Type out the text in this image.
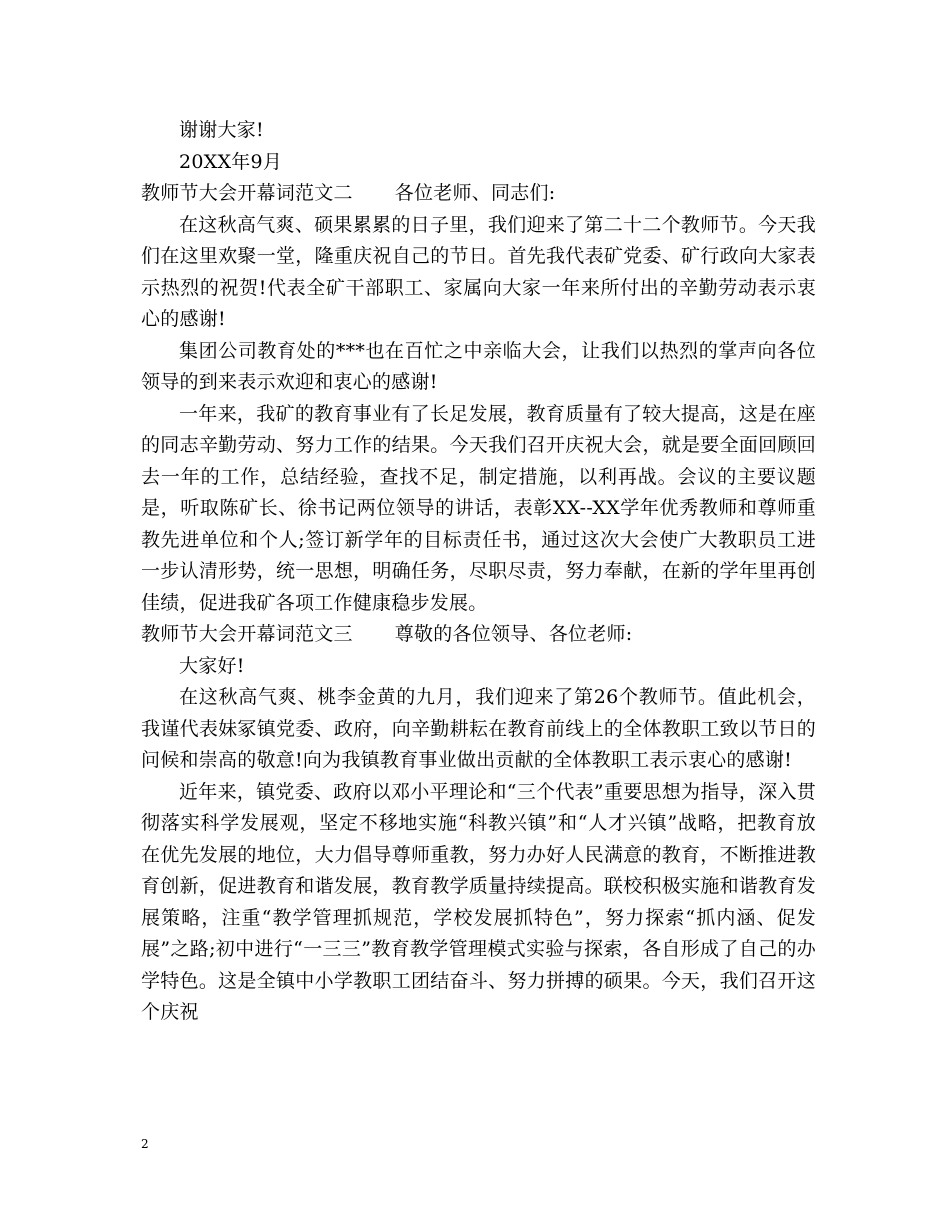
谢谢大家!

20XX年9月

教师节大会开幕词范文二 各位老师、同志们:

在这秋高气爽、硕果累累的日子里，我们迎来了第二十二个教师节。今天我们在这里欢聚一堂，隆重庆祝自己的节日。首先我代表矿党委、矿行政向大家表示热烈的祝贺!代表全矿干部职工、家属向大家一年来所付出的辛勤劳动表示衷心的感谢!

集团公司教育处的***也在百忙之中亲临大会，让我们以热烈的掌声向各位领导的到来表示欢迎和衷心的感谢!

一年来，我矿的教育事业有了长足发展，教育质量有了较大提高，这是在座的同志辛勤劳动、努力工作的结果。今天我们召开庆祝大会，就是要全面回顾回去一年的工作，总结经验，查找不足，制定措施，以利再战。会议的主要议题是，听取陈矿长、徐书记两位领导的讲话，表彰XX--XX学年优秀教师和尊师重教先进单位和个人;签订新学年的目标责任书，通过这次大会使广大教职员工进一步认清形势，统一思想，明确任务，尽职尽责，努力奉献，在新的学年里再创佳绩，促进我矿各项工作健康稳步发展。

教师节大会开幕词范文三 尊敬的各位领导、各位老师:

大家好!

在这秋高气爽、桃李金黄的九月，我们迎来了第26个教师节。值此机会，我谨代表妹冢镇党委、政府，向辛勤耕耘在教育前线上的全体教职工致以节日的问候和崇高的敬意!向为我镇教育事业做出贡献的全体教职工表示衷心的感谢!

近年来，镇党委、政府以邓小平理论和“三个代表”重要思想为指导，深入贯彻落实科学发展观，坚定不移地实施“科教兴镇”和“人才兴镇”战略，把教育放在优先发展的地位，大力倡导尊师重教，努力办好人民满意的教育，不断推进教育创新，促进教育和谐发展，教育教学质量持续提高。联校积极实施和谐教育发展策略，注重“教学管理抓规范，学校发展抓特色”，努力探索“抓内涵、促发展”之路;初中进行“一三三”教育教学管理模式实验与探索，各自形成了自己的办学特色。这是全镇中小学教职工团结奋斗、努力拼搏的硕果。今天，我们召开这个庆祝

2
